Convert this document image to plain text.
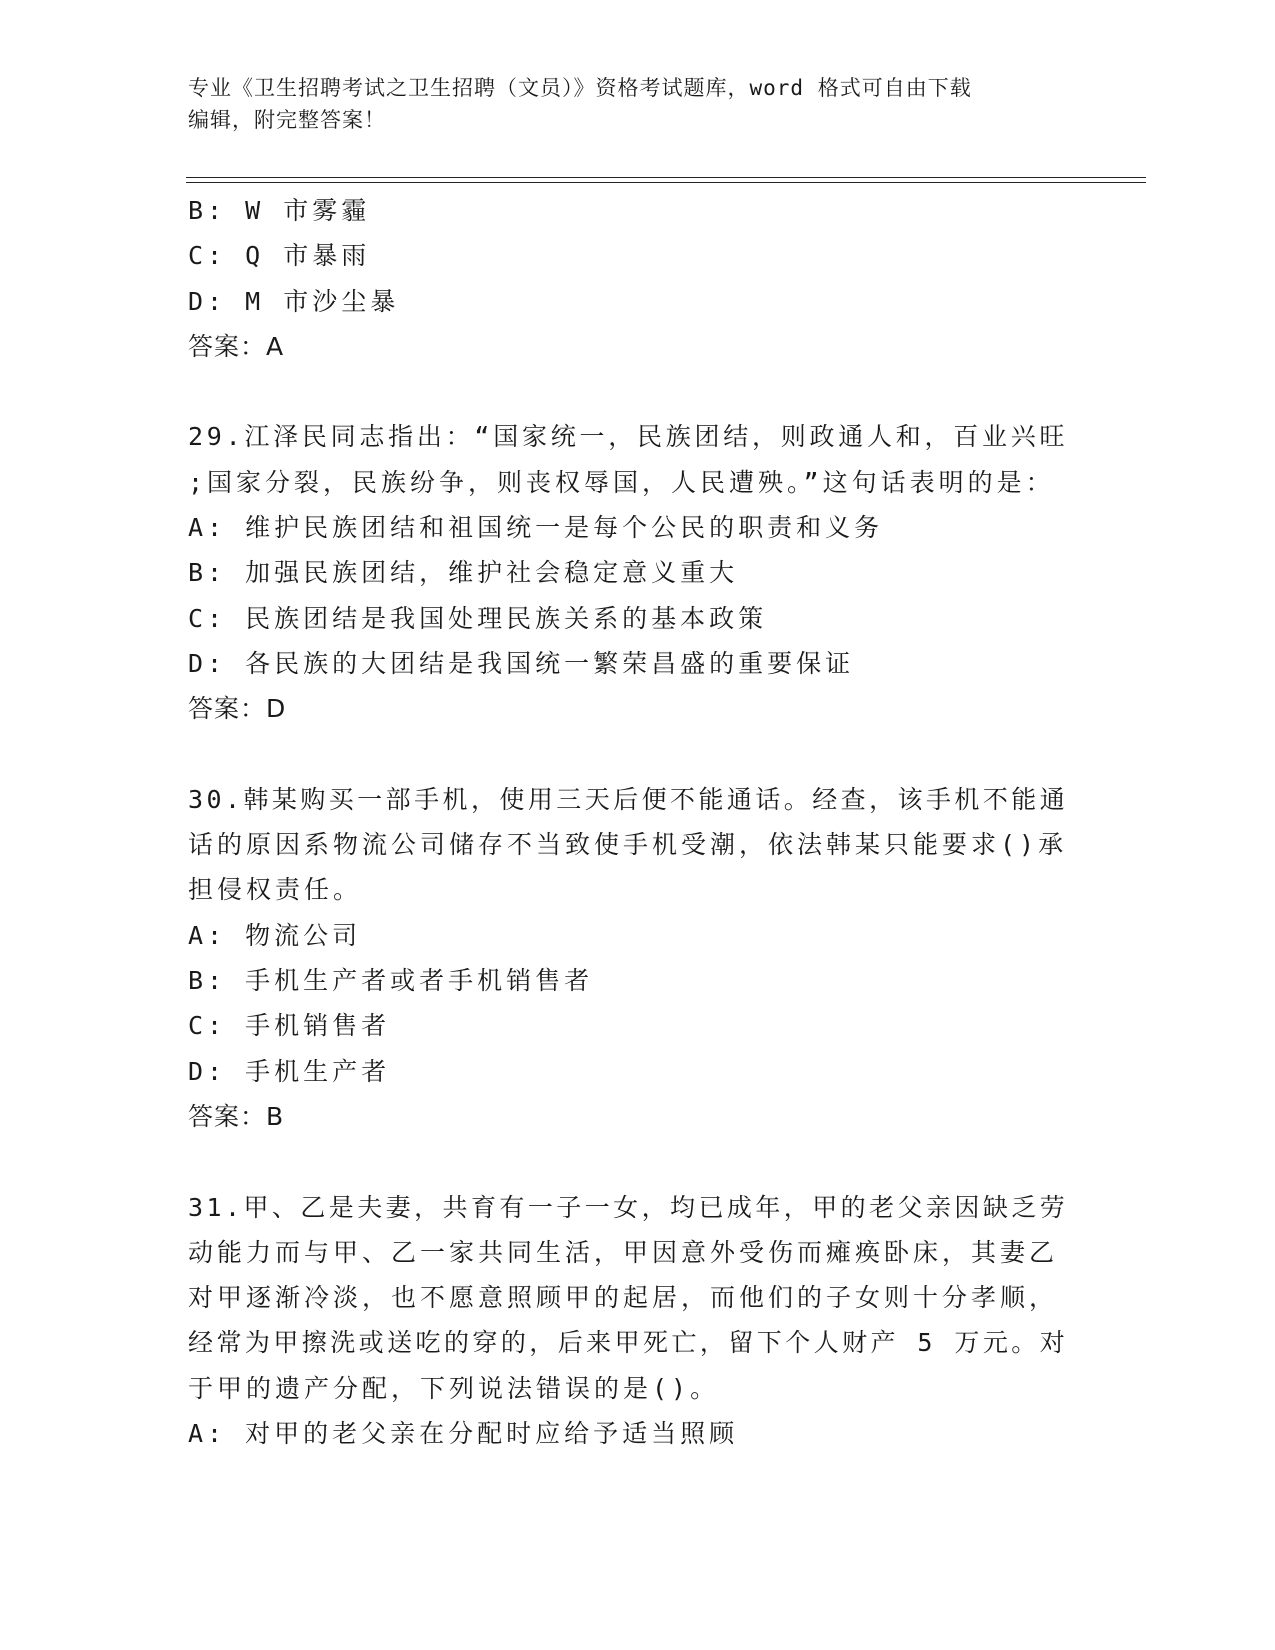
专业《卫生招聘考试之卫生招聘（文员）》资格考试题库，word 格式可自由下载
编辑，附完整答案！
B: W 市雾霾
C: Q 市暴雨
D: M 市沙尘暴
答案：A
29.江泽民同志指出：“国家统一，民族团结，则政通人和，百业兴旺
;国家分裂，民族纷争，则丧权辱国，人民遭殃。”这句话表明的是：
A: 维护民族团结和祖国统一是每个公民的职责和义务
B: 加强民族团结，维护社会稳定意义重大
C: 民族团结是我国处理民族关系的基本政策
D: 各民族的大团结是我国统一繁荣昌盛的重要保证
答案：D
30.韩某购买一部手机，使用三天后便不能通话。经查，该手机不能通
话的原因系物流公司储存不当致使手机受潮，依法韩某只能要求()承
担侵权责任。
A: 物流公司
B: 手机生产者或者手机销售者
C: 手机销售者
D: 手机生产者
答案：B
31.甲、乙是夫妻，共育有一子一女，均已成年，甲的老父亲因缺乏劳
动能力而与甲、乙一家共同生活，甲因意外受伤而瘫痪卧床，其妻乙
对甲逐渐冷淡，也不愿意照顾甲的起居，而他们的子女则十分孝顺，
经常为甲擦洗或送吃的穿的，后来甲死亡，留下个人财产 5 万元。对
于甲的遗产分配，下列说法错误的是()。
A: 对甲的老父亲在分配时应给予适当照顾
